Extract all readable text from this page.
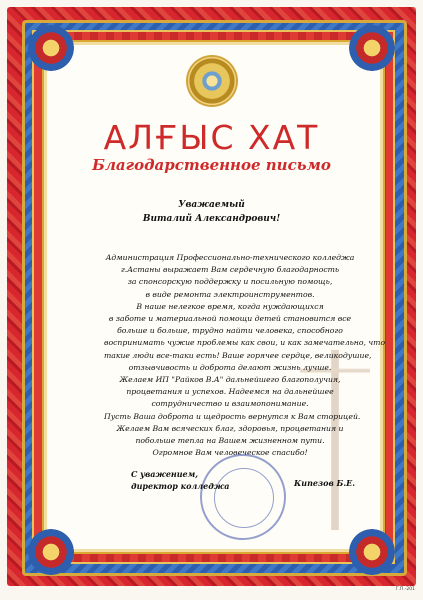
АЛҒЫС ХАТ
Благодарственное письмо
Уважаемый
Виталий Александрович!
Администрация Профессионально-технического колледжа
г.Астаны выражает Вам сердечную благодарность
за спонсорскую поддержку и посильную помощь,
в виде ремонта электроинструментов.
В наше нелегкое время, когда нуждающихся
в заботе и материальной помощи детей становится все
больше и больше, трудно найти человека, способного
воспринимать чужие проблемы как свои, и как замечательно, что
такие люди все-таки есть! Ваше горячее сердце, великодушие,
отзывчивость и доброта делают жизнь лучше.
Желаем ИП "Райков В.А" дальнейшего благополучия,
процветания и успехов. Надеемся на дальнейшее
сотрудничество и взаимопонимание.
Пусть Ваша доброта и щедрость вернутся к Вам сторицей.
Желаем Вам всяческих благ, здоровья, процветания и
побольше тепла на Вашем жизненном пути.
Огромное Вам человеческое спасибо!
С уважением,
директор колледжа	Кипезов Б.Е.
Г.П.-201
